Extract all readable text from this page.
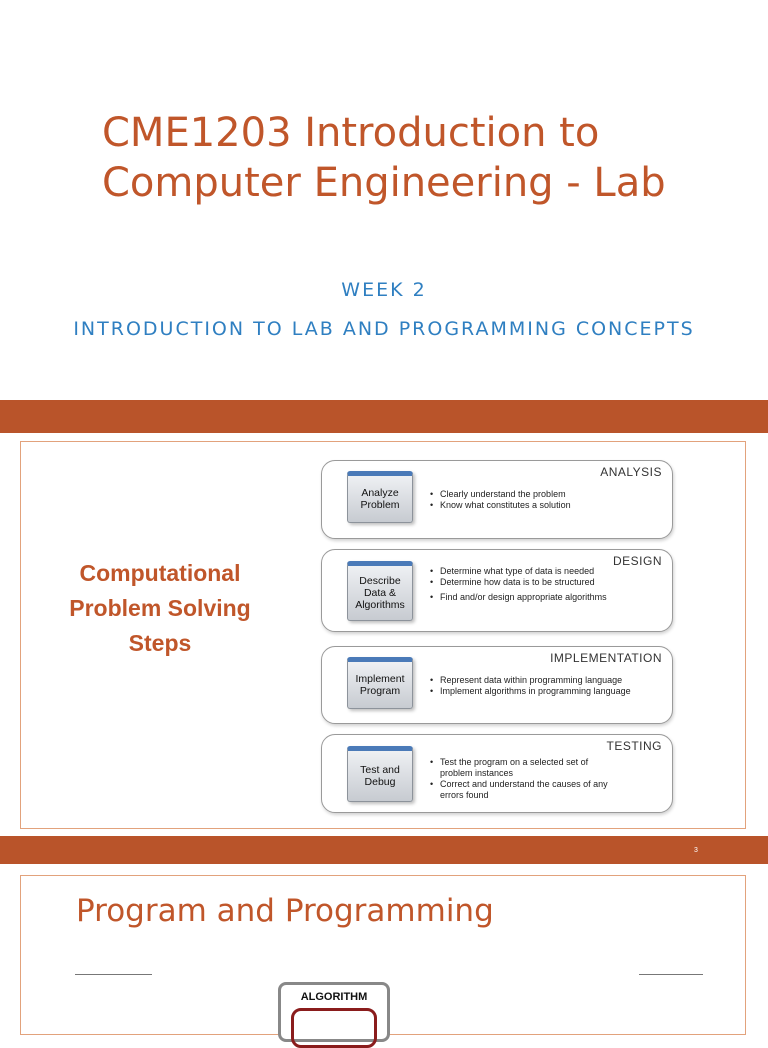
CME1203 Introduction to
Computer Engineering - Lab
WEEK 2
INTRODUCTION TO LAB AND PROGRAMMING CONCEPTS
Computational
Problem Solving
Steps
ANALYSIS
Analyze
Problem
• Clearly understand the problem
• Know what constitutes a solution
DESIGN
Describe
Data &
Algorithms
• Determine what type of data is needed
• Determine how data is to be structured
• Find and/or design appropriate algorithms
IMPLEMENTATION
Implement
Program
• Represent data within programming language
• Implement algorithms in programming language
TESTING
Test and
Debug
• Test the program on a selected set of problem instances
• Correct and understand the causes of any errors found
3
Program and Programming
ALGORITHM
